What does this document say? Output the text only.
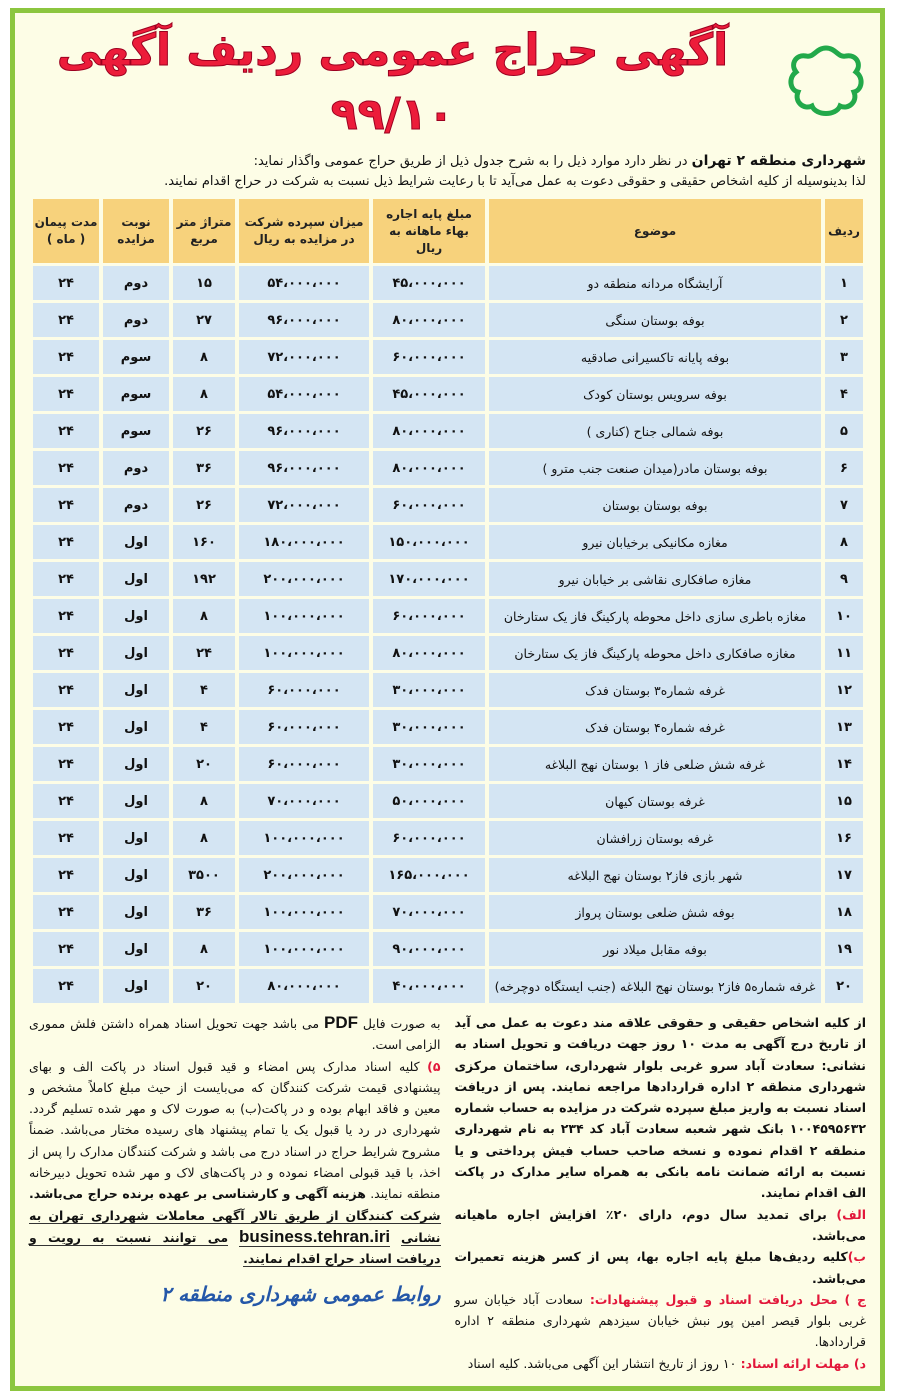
آگهی حراج عمومی ردیف آگهی ۹۹/۱۰
شهرداری منطقه ۲ تهران در نظر دارد موارد ذیل را به شرح جدول ذیل از طریق حراج عمومی واگذار نماید:
لذا بدینوسیله از کلیه اشخاص حقیقی و حقوقی دعوت به عمل می‌آید تا با رعایت شرایط ذیل نسبت به شرکت در حراج اقدام نمایند.
ردیف	موضوع	مبلغ پایه اجاره بهاء ماهانه به ریال	میزان سپرده شرکت در مزایده به ریال	متراژ متر مربع	نوبت مزایده	مدت پیمان ( ماه )
۱	آرایشگاه مردانه منطقه دو	۴۵،۰۰۰،۰۰۰	۵۴،۰۰۰،۰۰۰	۱۵	دوم	۲۴
۲	بوفه بوستان سنگی	۸۰،۰۰۰،۰۰۰	۹۶،۰۰۰،۰۰۰	۲۷	دوم	۲۴
۳	بوفه پایانه تاکسیرانی صادقیه	۶۰،۰۰۰،۰۰۰	۷۲،۰۰۰،۰۰۰	۸	سوم	۲۴
۴	بوفه سرویس بوستان کودک	۴۵،۰۰۰،۰۰۰	۵۴،۰۰۰،۰۰۰	۸	سوم	۲۴
۵	بوفه شمالی جناح (کناری )	۸۰،۰۰۰،۰۰۰	۹۶،۰۰۰،۰۰۰	۲۶	سوم	۲۴
۶	بوفه بوستان مادر(میدان صنعت جنب مترو )	۸۰،۰۰۰،۰۰۰	۹۶،۰۰۰،۰۰۰	۳۶	دوم	۲۴
۷	بوفه بوستان بوستان	۶۰،۰۰۰،۰۰۰	۷۲،۰۰۰،۰۰۰	۲۶	دوم	۲۴
۸	مغازه مکانیکی برخیابان نیرو	۱۵۰،۰۰۰،۰۰۰	۱۸۰،۰۰۰،۰۰۰	۱۶۰	اول	۲۴
۹	مغازه صافکاری نقاشی بر خیابان نیرو	۱۷۰،۰۰۰،۰۰۰	۲۰۰،۰۰۰،۰۰۰	۱۹۲	اول	۲۴
۱۰	مغازه باطری سازی داخل محوطه پارکینگ فاز یک ستارخان	۶۰،۰۰۰،۰۰۰	۱۰۰،۰۰۰،۰۰۰	۸	اول	۲۴
۱۱	مغازه صافکاری داخل محوطه پارکینگ فاز یک ستارخان	۸۰،۰۰۰،۰۰۰	۱۰۰،۰۰۰،۰۰۰	۲۴	اول	۲۴
۱۲	غرفه شماره۳ بوستان فدک	۳۰،۰۰۰،۰۰۰	۶۰،۰۰۰،۰۰۰	۴	اول	۲۴
۱۳	غرفه شماره۴ بوستان فدک	۳۰،۰۰۰،۰۰۰	۶۰،۰۰۰،۰۰۰	۴	اول	۲۴
۱۴	غرفه شش ضلعی فاز ۱ بوستان نهج البلاغه	۳۰،۰۰۰،۰۰۰	۶۰،۰۰۰،۰۰۰	۲۰	اول	۲۴
۱۵	غرفه بوستان کیهان	۵۰،۰۰۰،۰۰۰	۷۰،۰۰۰،۰۰۰	۸	اول	۲۴
۱۶	غرفه بوستان زرافشان	۶۰،۰۰۰،۰۰۰	۱۰۰،۰۰۰،۰۰۰	۸	اول	۲۴
۱۷	شهر بازی فاز۲ بوستان نهج البلاغه	۱۶۵،۰۰۰،۰۰۰	۲۰۰،۰۰۰،۰۰۰	۳۵۰۰	اول	۲۴
۱۸	بوفه شش ضلعی بوستان پرواز	۷۰،۰۰۰،۰۰۰	۱۰۰،۰۰۰،۰۰۰	۳۶	اول	۲۴
۱۹	بوفه مقابل میلاد نور	۹۰،۰۰۰،۰۰۰	۱۰۰،۰۰۰،۰۰۰	۸	اول	۲۴
۲۰	غرفه شماره۵ فاز۲ بوستان نهج البلاغه (جنب ایستگاه دوچرخه)	۴۰،۰۰۰،۰۰۰	۸۰،۰۰۰،۰۰۰	۲۰	اول	۲۴
از کلیه اشخاص حقیقی و حقوقی علاقه مند دعوت به عمل می آید از تاریخ درج آگهی به مدت ۱۰ روز جهت دریافت و تحویل اسناد به نشانی: سعادت آباد سرو غربی بلوار شهرداری، ساختمان مرکزی شهرداری منطقه ۲ اداره قراردادها مراجعه نمایند. پس از دریافت اسناد نسبت به واریز مبلغ سپرده شرکت در مزایده به حساب شماره ۱۰۰۴۵۹۵۶۳۲ بانک شهر شعبه سعادت آباد کد ۲۳۴ به نام شهرداری منطقه ۲ اقدام نموده و نسخه صاحب حساب فیش پرداختی و یا نسبت به ارائه ضمانت نامه بانکی به همراه سایر مدارک در پاکت الف اقدام نمایند.
الف) برای تمدید سال دوم، دارای ۲۰٪ افزایش اجاره ماهیانه می‌باشد.
ب)کلیه ردیف‌ها مبلغ پایه اجاره بها، پس از کسر هزینه تعمیرات می‌باشد.
ج ) محل دریافت اسناد و قبول پیشنهادات: سعادت آباد خیابان سرو غربی بلوار قیصر امین پور نبش خیابان سیزدهم شهرداری منطقه ۲ اداره قراردادها.
د) مهلت ارائه اسناد: ۱۰ روز از تاریخ انتشار این آگهی می‌باشد. کلیه اسناد
به صورت فایل PDF می باشد جهت تحویل اسناد همراه داشتن فلش مموری الزامی است.
۵) کلیه اسناد مدارک پس امضاء و قید قبول اسناد در پاکت الف و بهای پیشنهادی قیمت شرکت کنندگان که می‌بایست از حیث مبلغ کاملاً مشخص و معین و فاقد ابهام بوده و در پاکت(ب) به صورت لاک و مهر شده تسلیم گردد. شهرداری در رد یا قبول یک یا تمام پیشنهاد های رسیده مختار می‌باشد. ضمناً مشروح شرایط حراج در اسناد درج می باشد و شرکت کنندگان مدارک را پس از اخذ، با قید قبولی امضاء نموده و در پاکت‌های لاک و مهر شده تحویل دبیرخانه منطقه نمایند. هزینه آگهی و کارشناسی بر عهده برنده حراج می‌باشد. شرکت کنندگان از طریق تالار آگهی معاملات شهرداری تهران به نشانی business.tehran.iri می توانند نسبت به رویت و دریافت اسناد حراج اقدام نمایند.
روابط عمومی شهرداری منطقه ۲
